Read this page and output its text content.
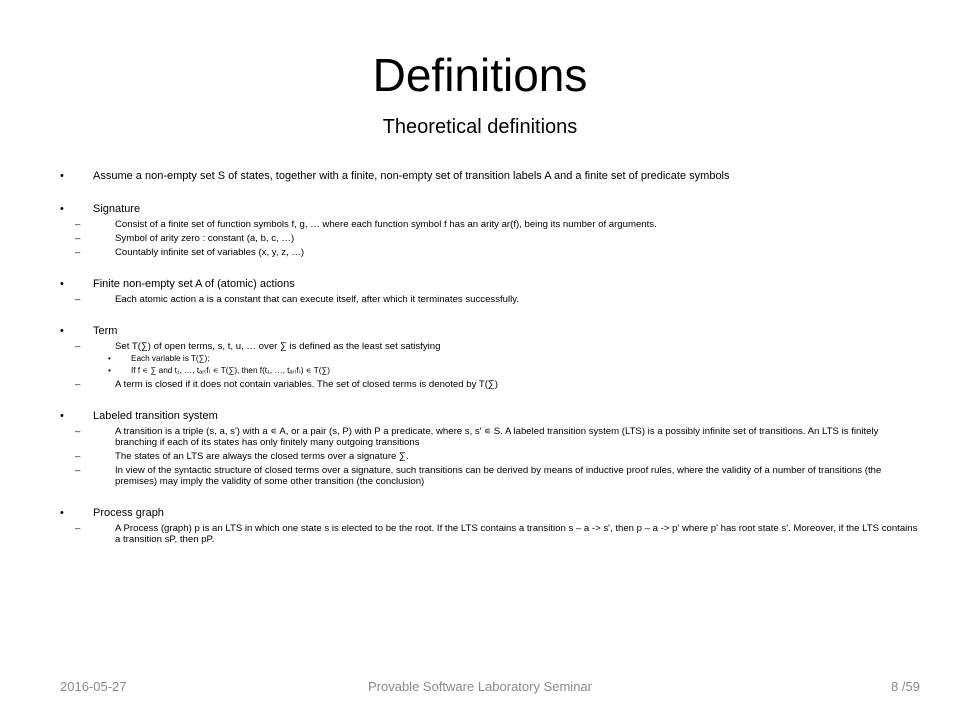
Definitions
Theoretical definitions
•	Assume a non-empty set S of states, together with a finite, non-empty set of transition labels A and a finite set of predicate symbols
•	Signature
–	Consist of a finite set of function symbols f, g, … where each function symbol f has an arity ar(f), being its number of arguments.
–	Symbol of arity zero : constant (a, b, c, …)
–	Countably infinite set of variables (x, y, z, …)
•	Finite non-empty set A of (atomic) actions
–	Each atomic action a is a constant that can execute itself, after which it terminates successfully.
•	Term
–	Set T(∑) of open terms, s, t, u, … over ∑ is defined as the least set satisfying
• Each variable is T(∑);
• If f ∊ ∑ and t₁, …, tₐᵣ₍f₎ ∊ T(∑), then f(t₁, …, tₐᵣ₍f₎) ∊ T(∑)
–	A term is closed if it does not contain variables. The set of closed terms is denoted by T(∑)
•	Labeled transition system
–	A transition is a triple (s, a, s') with a ∊ A, or a pair (s, P) with P a predicate, where s, s' ∊ S. A labeled transition system (LTS) is a possibly infinite set of transitions. An LTS is finitely branching if each of its states has only finitely many outgoing transitions
–	The states of an LTS are always the closed terms over a signature ∑.
–	In view of the syntactic structure of closed terms over a signature, such transitions can be derived by means of inductive proof rules, where the validity of a number of transitions (the premises) may imply the validity of some other transition (the conclusion)
•	Process graph
–	A Process (graph) p is an LTS in which one state s is elected to be the root. If the LTS contains a transition s – a -> s', then p – a -> p' where p' has root state s'. Moreover, if the LTS contains a transition sP, then pP.
2016-05-27	Provable Software Laboratory Seminar	8 /59
